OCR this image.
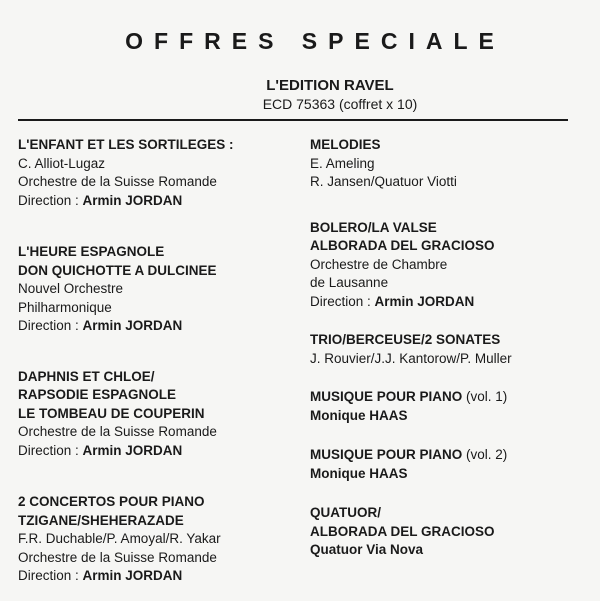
OFFRES SPECIALE
L'EDITION RAVEL
ECD 75363 (coffret x 10)
L'ENFANT ET LES SORTILEGES :
C. Alliot-Lugaz
Orchestre de la Suisse Romande
Direction : Armin JORDAN
L'HEURE ESPAGNOLE
DON QUICHOTTE A DULCINEE
Nouvel Orchestre
Philharmonique
Direction : Armin JORDAN
DAPHNIS ET CHLOE/
RAPSODIE ESPAGNOLE
LE TOMBEAU DE COUPERIN
Orchestre de la Suisse Romande
Direction : Armin JORDAN
2 CONCERTOS POUR PIANO
TZIGANE/SHEHERAZADE
F.R. Duchable/P. Amoyal/R. Yakar
Orchestre de la Suisse Romande
Direction : Armin JORDAN
MELODIES
E. Ameling
R. Jansen/Quatuor Viotti
BOLERO/LA VALSE
ALBORADA DEL GRACIOSO
Orchestre de Chambre
de Lausanne
Direction : Armin JORDAN
TRIO/BERCEUSE/2 SONATES
J. Rouvier/J.J. Kantorow/P. Muller
MUSIQUE POUR PIANO (vol. 1)
Monique HAAS
MUSIQUE POUR PIANO (vol. 2)
Monique HAAS
QUATUOR/
ALBORADA DEL GRACIOSO
Quatuor Via Nova
